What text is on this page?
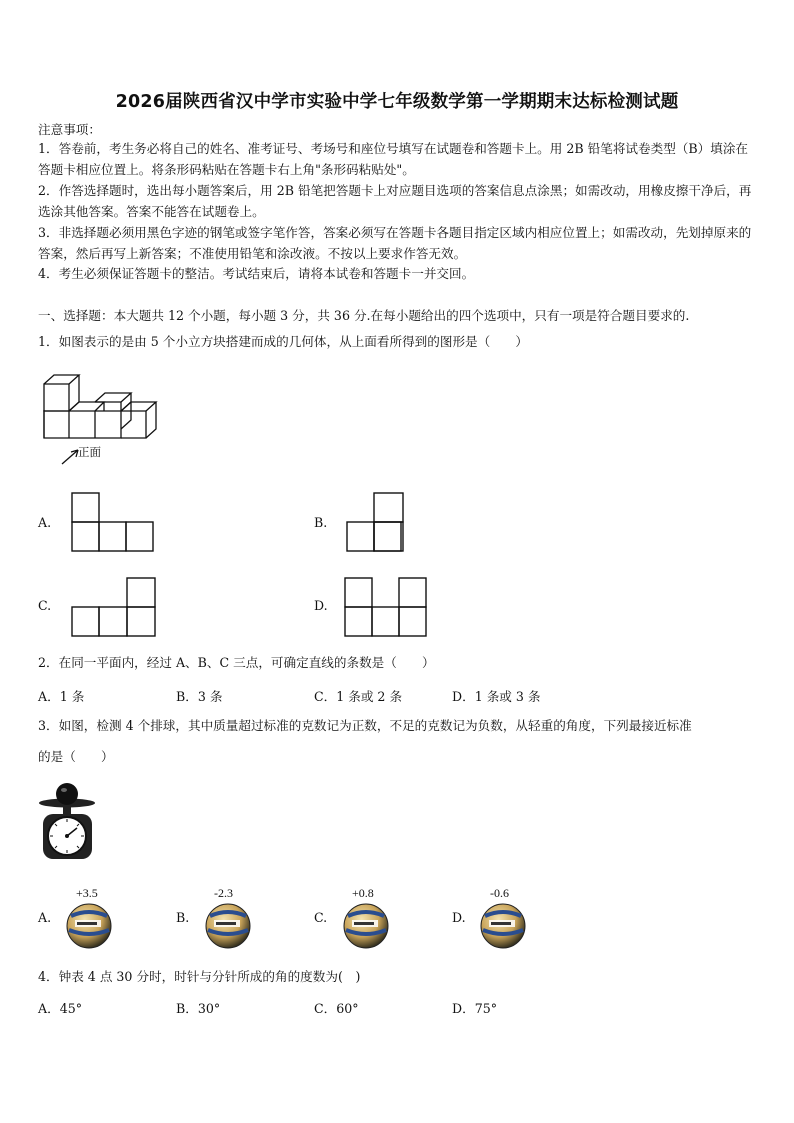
2026届陕西省汉中学市实验中学七年级数学第一学期期末达标检测试题
注意事项：
1．答卷前，考生务必将自己的姓名、准考证号、考场号和座位号填写在试题卷和答题卡上。用 2B 铅笔将试卷类型（B）填涂在答题卡相应位置上。将条形码粘贴在答题卡右上角"条形码粘贴处"。
2．作答选择题时，选出每小题答案后，用 2B 铅笔把答题卡上对应题目选项的答案信息点涂黑；如需改动，用橡皮擦干净后，再选涂其他答案。答案不能答在试题卷上。
3．非选择题必须用黑色字迹的钢笔或签字笔作答，答案必须写在答题卡各题目指定区域内相应位置上；如需改动，先划掉原来的答案，然后再写上新答案；不准使用铅笔和涂改液。不按以上要求作答无效。
4．考生必须保证答题卡的整洁。考试结束后，请将本试卷和答题卡一并交回。
一、选择题：本大题共 12 个小题，每小题 3 分，共 36 分.在每小题给出的四个选项中，只有一项是符合题目要求的.
1．如图表示的是由 5 个小立方块搭建而成的几何体，从上面看所得到的图形是（　　）
正面
A.	B.
C.	D.
2．在同一平面内，经过 A、B、C 三点，可确定直线的条数是（　　）
A．1 条	B．3 条	C．1 条或 2 条	D．1 条或 3 条
3．如图，检测 4 个排球，其中质量超过标准的克数记为正数，不足的克数记为负数，从轻重的角度，下列最接近标准
的是（　　）
+3.5
A.
-2.3
B.
+0.8
C.
-0.6
D.
4．钟表 4 点 30 分时，时针与分针所成的角的度数为(　)
A．45°	B．30°	C．60°	D．75°
